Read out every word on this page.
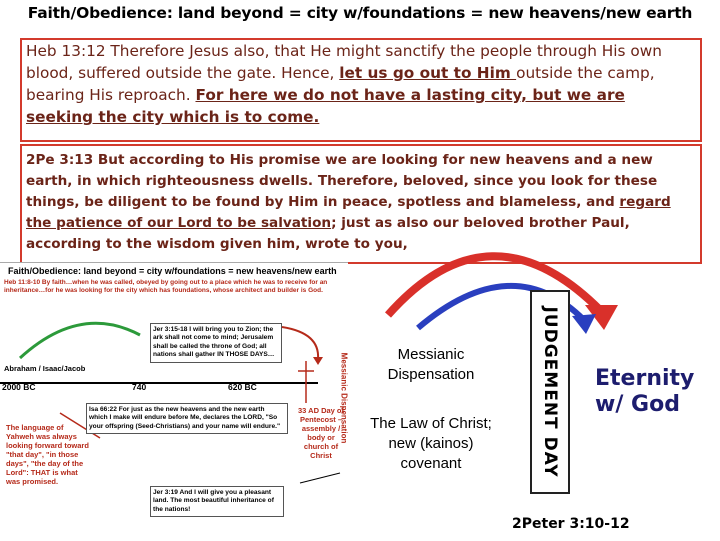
Faith/Obedience: land beyond = city w/foundations = new heavens/new earth
Heb 13:12 Therefore Jesus also, that He might sanctify the people through His own blood, suffered outside the gate. Hence, let us go out to Him outside the camp, bearing His reproach. For here we do not have a lasting city, but we are seeking the city which is to come.
2Pe 3:13 But according to His promise we are looking for new heavens and a new earth, in which righteousness dwells. Therefore, beloved, since you look for these things, be diligent to be found by Him in peace, spotless and blameless, and regard the patience of our Lord to be salvation; just as also our beloved brother Paul, according to the wisdom given him, wrote to you,
Faith/Obedience: land beyond = city w/foundations = new heavens/new earth
Heb 11:8-10 By faith…when he was called, obeyed by going out to a place which he was to receive for an inheritance…for he was looking for the city which has foundations, whose architect and builder is God.
Jer 3:15-18 I will bring you to Zion; the ark shall not come to mind; Jerusalem shall be called the throne of God; all nations shall gather IN THOSE DAYS…
Abraham / Isaac/Jacob
2000 BC	740	620 BC	Messianic Dispensation
Isa 66:22 For just as the new heavens and the new earth which I make will endure before Me, declares the LORD, "So your offspring (Seed-Christians) and your name will endure."
The language of Yahweh was always looking forward toward "that day", "in those days", "the day of the Lord": THAT is what was promised.
33 AD Day of Pentecost – assembly / body or church of Christ
Jer 3:19 And I will give you a pleasant land. The most beautiful inheritance of the nations!
Messianic Dispensation
The Law of Christ; new (kainos) covenant	JUDGEMENT DAY Eternity w/ God
2Peter 3:10-12
